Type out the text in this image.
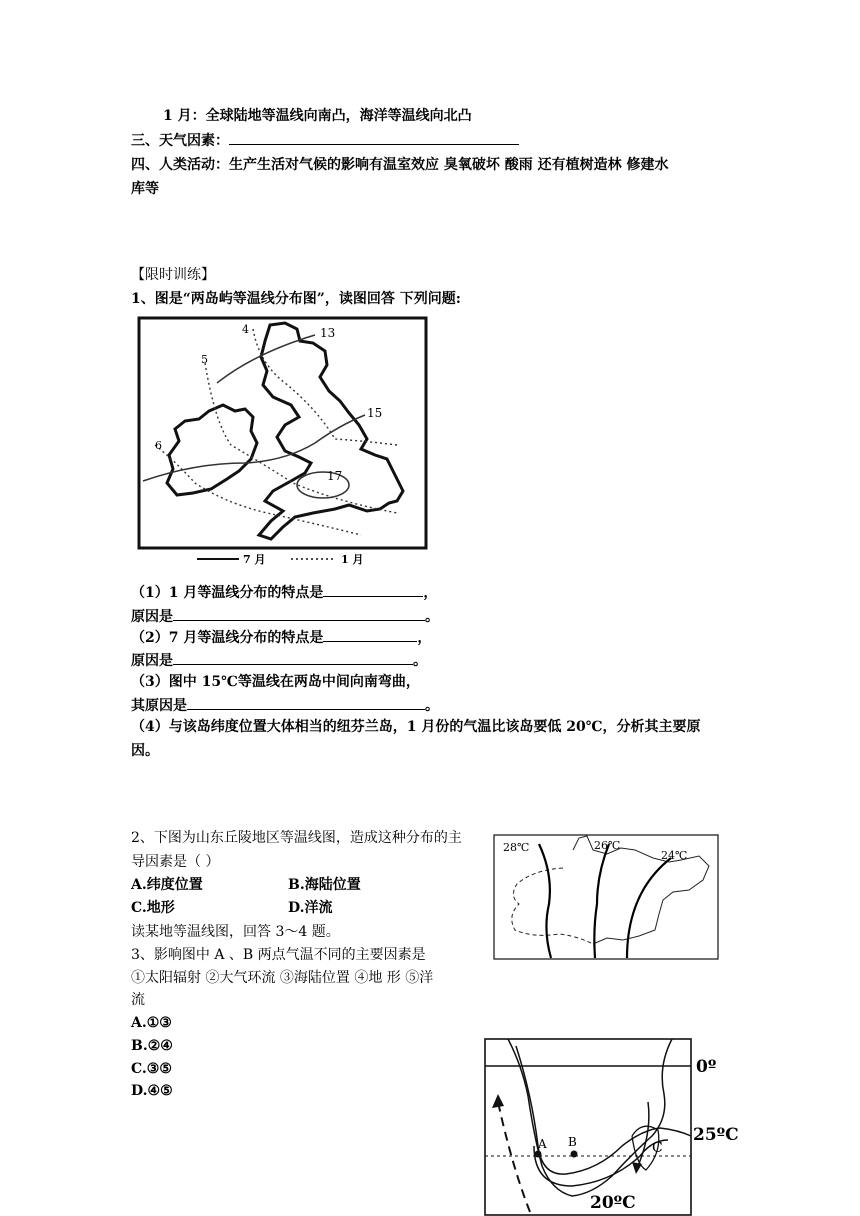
1 月：全球陆地等温线向南凸，海洋等温线向北凸
三、天气因素：
四、人类活动：生产生活对气候的影响有温室效应 臭氧破坏 酸雨 还有植树造林 修建水
库等
【限时训练】
1、图是“两岛屿等温线分布图”，读图回答 下列问题:
4	13
5
15
6
17
7 月	1 月
（1）1 月等温线分布的特点是	，
原因是	。
（2）7 月等温线分布的特点是	，
原因是	。
（3）图中 15℃等温线在两岛中间向南弯曲，
其原因是	。
（4）与该岛纬度位置大体相当的纽芬兰岛，1 月份的气温比该岛要低 20℃，分析其主要原
因。
2、下图为山东丘陵地区等温线图，造成这种分布的主
导因素是（ ）
A.纬度位置	B.海陆位置
C.地形	D.洋流
28℃	26℃
24℃
读某地等温线图，回答 3～4 题。
3、影响图中 A 、B 两点气温不同的主要因素是
①太阳辐射 ②大气环流 ③海陆位置 ④地 形 ⑤洋
流
A.①③
B.②④
C.③⑤
D.④⑤
A B	C
0º
25ºC
20ºC
